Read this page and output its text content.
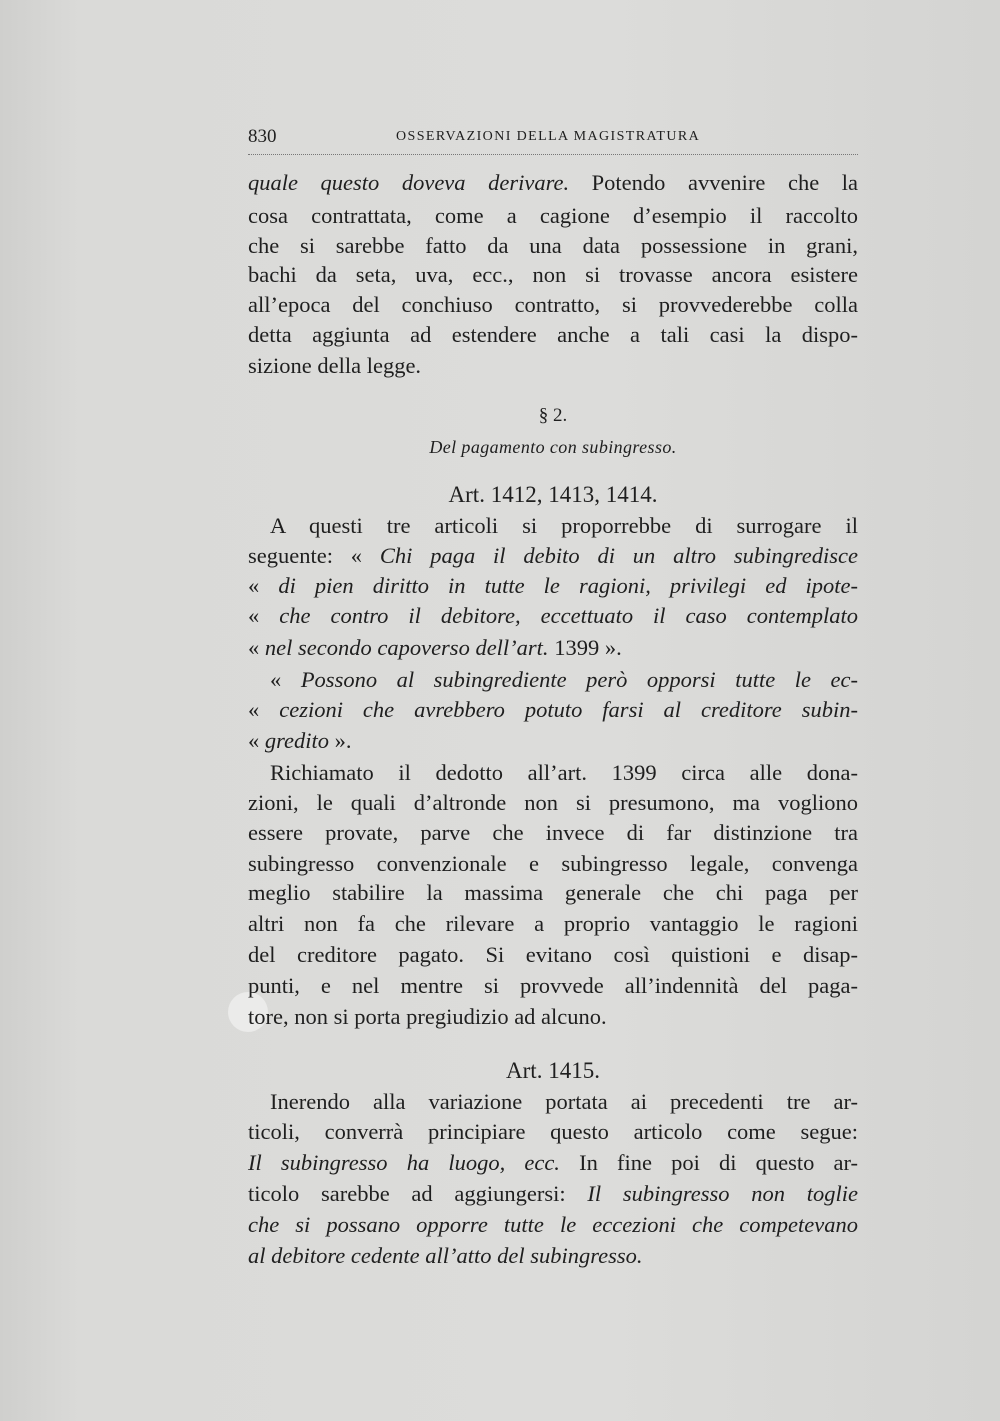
830	OSSERVAZIONI DELLA MAGISTRATURA
quale questo doveva derivare. Potendo avvenire che la
cosa contrattata, come a cagione d’esempio il raccolto
che si sarebbe fatto da una data possessione in grani,
bachi da seta, uva, ecc., non si trovasse ancora esistere
all’epoca del conchiuso contratto, si provvederebbe colla
detta aggiunta ad estendere anche a tali casi la dispo-
sizione della legge.
§ 2.
Del pagamento con subingresso.
Art. 1412, 1413, 1414.
A questi tre articoli si proporrebbe di surrogare il
seguente: « Chi paga il debito di un altro subingredisce
« di pien diritto in tutte le ragioni, privilegi ed ipote-
« che contro il debitore, eccettuato il caso contemplato
« nel secondo capoverso dell’art. 1399 ».
« Possono al subingrediente però opporsi tutte le ec-
« cezioni che avrebbero potuto farsi al creditore subin-
« gredito ».
Richiamato il dedotto all’art. 1399 circa alle dona-
zioni, le quali d’altronde non si presumono, ma vogliono
essere provate, parve che invece di far distinzione tra
subingresso convenzionale e subingresso legale, convenga
meglio stabilire la massima generale che chi paga per
altri non fa che rilevare a proprio vantaggio le ragioni
del creditore pagato. Si evitano così quistioni e disap-
punti, e nel mentre si provvede all’indennità del paga-
tore, non si porta pregiudizio ad alcuno.
Art. 1415.
Inerendo alla variazione portata ai precedenti tre ar-
ticoli, converrà principiare questo articolo come segue:
Il subingresso ha luogo, ecc. In fine poi di questo ar-
ticolo sarebbe ad aggiungersi: Il subingresso non toglie
che si possano opporre tutte le eccezioni che competevano
al debitore cedente all’atto del subingresso.
